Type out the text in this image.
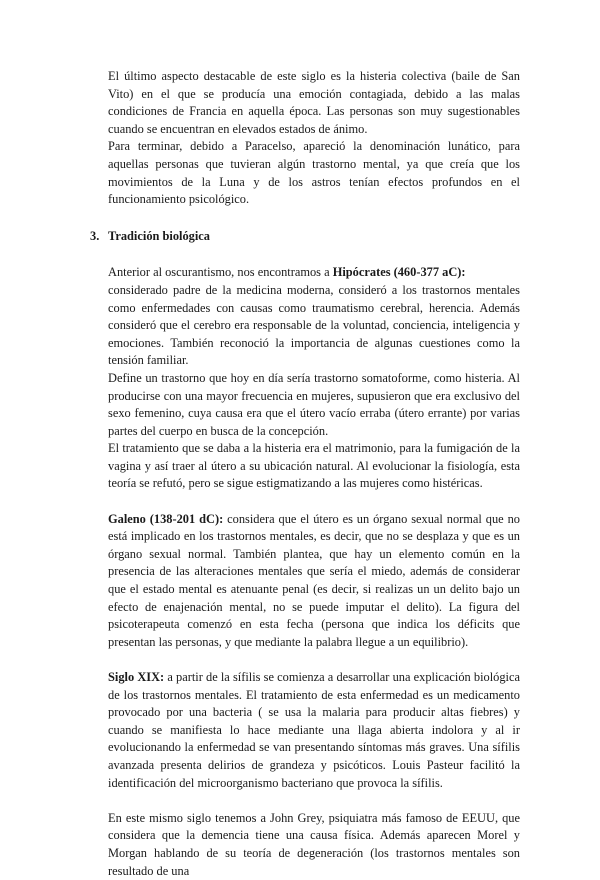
El último aspecto destacable de este siglo es la histeria colectiva (baile de San Vito) en el que se producía una emoción contagiada, debido a las malas condiciones de Francia en aquella época. Las personas son muy sugestionables cuando se encuentran en elevados estados de ánimo.

Para terminar, debido a Paracelso, apareció la denominación lunático, para aquellas personas que tuvieran algún trastorno mental, ya que creía que los movimientos de la Luna y de los astros tenían efectos profundos en el funcionamiento psicológico.

3. Tradición biológica

Anterior al oscurantismo, nos encontramos a Hipócrates (460-377 aC):

considerado padre de la medicina moderna, consideró a los trastornos mentales como enfermedades con causas como traumatismo cerebral, herencia. Además consideró que el cerebro era responsable de la voluntad, conciencia, inteligencia y emociones. También reconoció la importancia de algunas cuestiones como la tensión familiar.

Define un trastorno que hoy en día sería trastorno somatoforme, como histeria. Al producirse con una mayor frecuencia en mujeres, supusieron que era exclusivo del sexo femenino, cuya causa era que el útero vacío erraba (útero errante) por varias partes del cuerpo en busca de la concepción.

El tratamiento que se daba a la histeria era el matrimonio, para la fumigación de la vagina y así traer al útero a su ubicación natural. Al evolucionar la fisiología, esta teoría se refutó, pero se sigue estigmatizando a las mujeres como histéricas.

Galeno (138-201 dC): considera que el útero es un órgano sexual normal que no está implicado en los trastornos mentales, es decir, que no se desplaza y que es un órgano sexual normal. También plantea, que hay un elemento común en la presencia de las alteraciones mentales que sería el miedo, además de considerar que el estado mental es atenuante penal (es decir, si realizas un un delito bajo un efecto de enajenación mental, no se puede imputar el delito). La figura del psicoterapeuta comenzó en esta fecha (persona que indica los déficits que presentan las personas, y que mediante la palabra llegue a un equilibrio).

Siglo XIX: a partir de la sífilis se comienza a desarrollar una explicación biológica de los trastornos mentales. El tratamiento de esta enfermedad es un medicamento provocado por una bacteria ( se usa la malaria para producir altas fiebres) y cuando se manifiesta lo hace mediante una llaga abierta indolora y al ir evolucionando la enfermedad se van presentando síntomas más graves. Una sífilis avanzada presenta delirios de grandeza y psicóticos. Louis Pasteur facilitó la identificación del microorganismo bacteriano que provoca la sífilis.

En este mismo siglo tenemos a John Grey, psiquiatra más famoso de EEUU, que considera que la demencia tiene una causa física. Además aparecen Morel y Morgan hablando de su teoría de degeneración (los trastornos mentales son resultado de una
